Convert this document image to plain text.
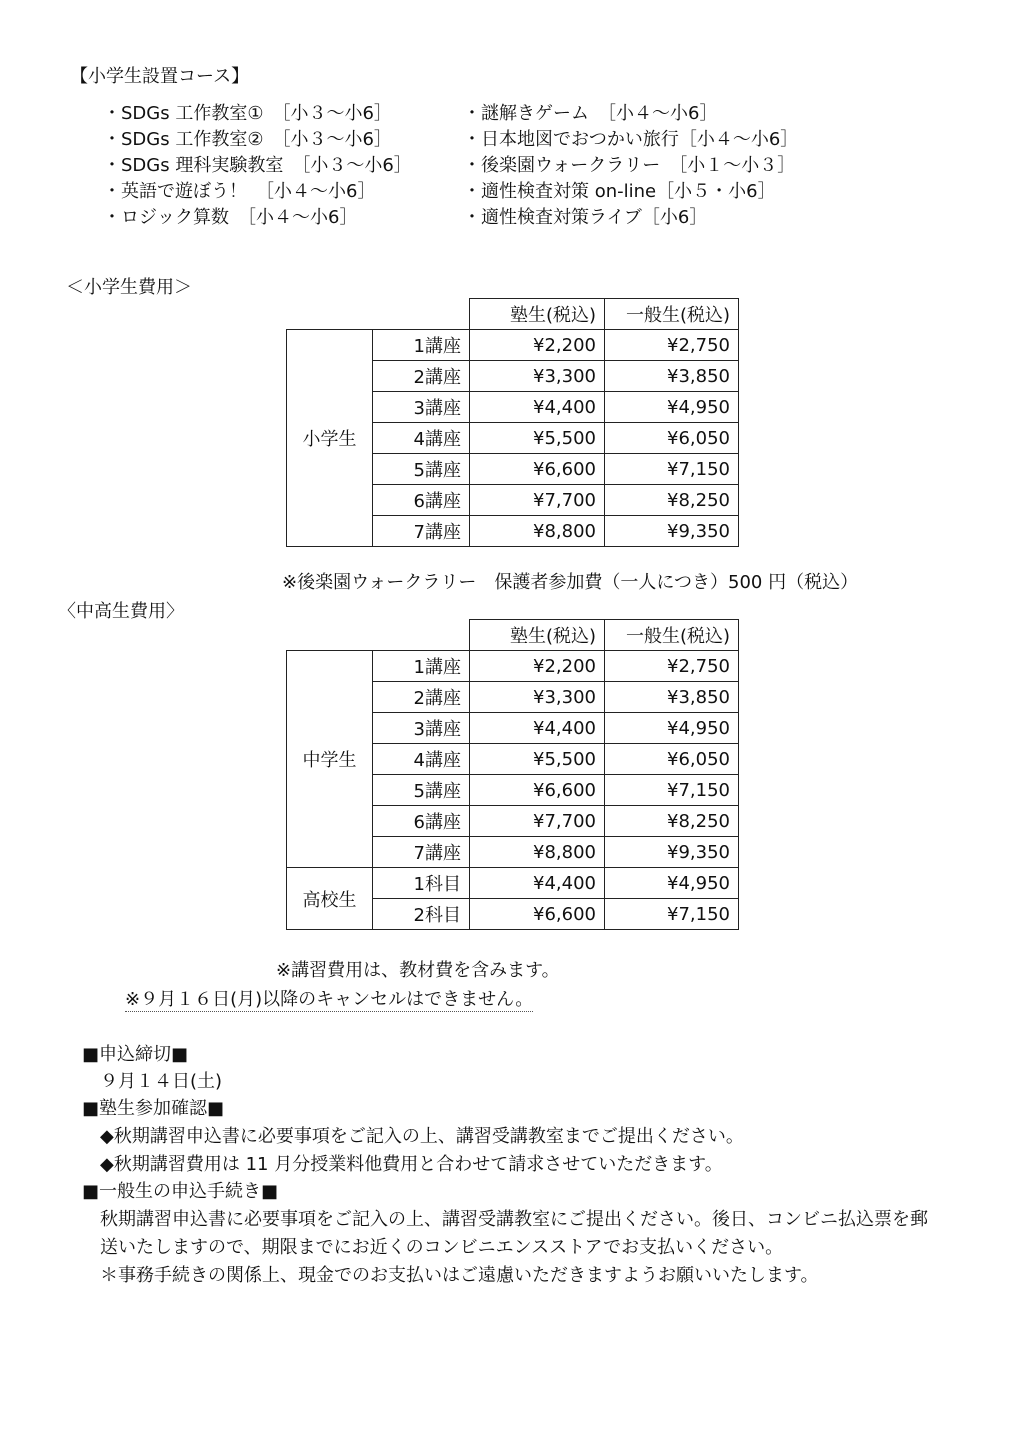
【小学生設置コース】
・SDGs 工作教室①　［小３～小6］
・SDGs 工作教室②　［小３～小6］
・SDGs 理科実験教室　［小３～小6］
・英語で遊ぼう！　［小４～小6］
・ロジック算数　［小４～小6］
・謎解きゲーム　［小４～小6］
・日本地図でおつかい旅行［小４～小6］
・後楽園ウォークラリー　［小１～小３］
・適性検査対策 on-line［小５・小6］
・適性検査対策ライブ［小6］
＜小学生費用＞
		塾生(税込)	一般生(税込)
小学生	1講座	¥2,200	¥2,750
	2講座	¥3,300	¥3,850
	3講座	¥4,400	¥4,950
	4講座	¥5,500	¥6,050
	5講座	¥6,600	¥7,150
	6講座	¥7,700	¥8,250
	7講座	¥8,800	¥9,350
※後楽園ウォークラリー　保護者参加費（一人につき）500 円（税込）
〈中高生費用〉
		塾生(税込)	一般生(税込)
中学生	1講座	¥2,200	¥2,750
	2講座	¥3,300	¥3,850
	3講座	¥4,400	¥4,950
	4講座	¥5,500	¥6,050
	5講座	¥6,600	¥7,150
	6講座	¥7,700	¥8,250
	7講座	¥8,800	¥9,350
高校生	1科目	¥4,400	¥4,950
	2科目	¥6,600	¥7,150
※講習費用は、教材費を含みます。
※９月１６日(月)以降のキャンセルはできません。
■申込締切■
９月１４日(土)
■塾生参加確認■
◆秋期講習申込書に必要事項をご記入の上、講習受講教室までご提出ください。
◆秋期講習費用は 11 月分授業料他費用と合わせて請求させていただきます。
■一般生の申込手続き■
秋期講習申込書に必要事項をご記入の上、講習受講教室にご提出ください。後日、コンビニ払込票を郵
送いたしますので、期限までにお近くのコンビニエンスストアでお支払いください。
＊事務手続きの関係上、現金でのお支払いはご遠慮いただきますようお願いいたします。
